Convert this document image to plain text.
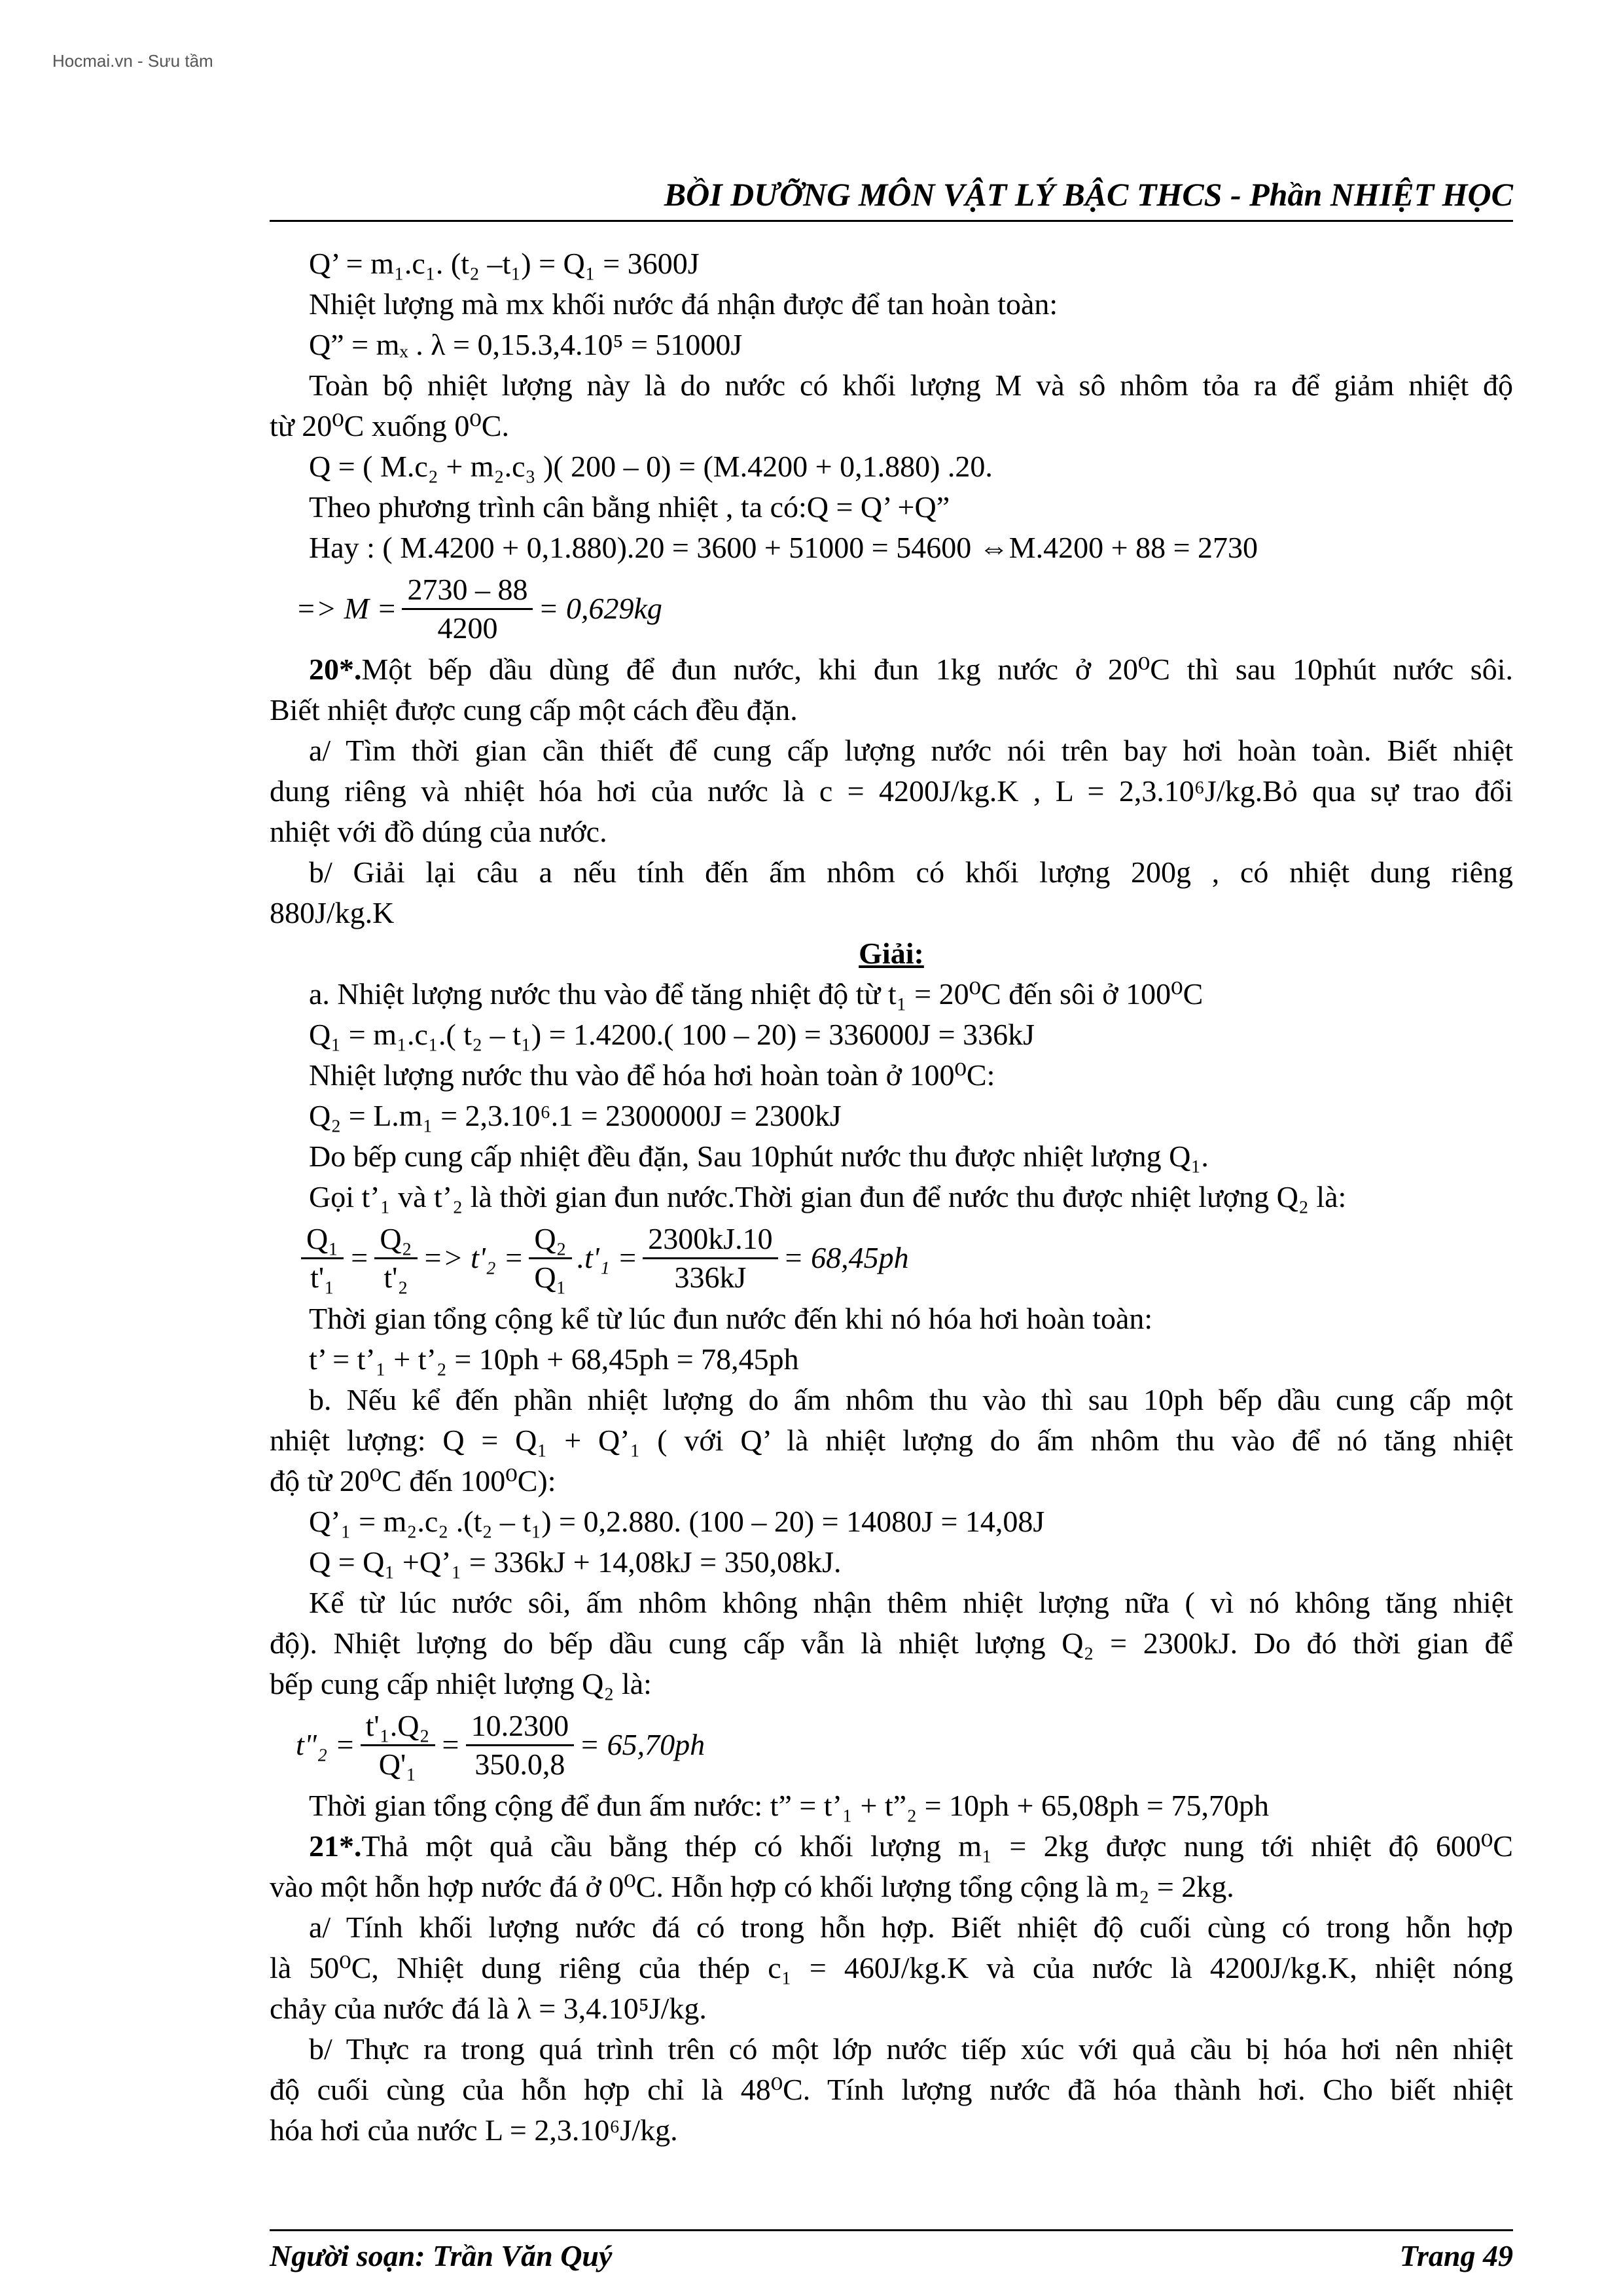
Hocmai.vn - Sưu tầm
BỒI DƯỠNG MÔN VẬT LÝ BẬC THCS - Phần NHIỆT HỌC
Q’ = m₁.c₁. (t₂ –t₁) = Q₁ = 3600J
Nhiệt lượng mà mx khối nước đá nhận được để tan hoàn toàn:
Q” = mₓ . λ = 0,15.3,4.10⁵ = 51000J
Toàn bộ nhiệt lượng này là do nước có khối lượng M và sô nhôm tỏa ra để giảm nhiệt độ
từ 20⁰C xuống 0⁰C.
Q = ( M.c₂ + m₂.c₃ )( 200 – 0) = (M.4200 + 0,1.880) .20.
Theo phương trình cân bằng nhiệt , ta có:Q = Q’ +Q”
Hay : ( M.4200 + 0,1.880).20 = 3600 + 51000 = 54600 ⇔M.4200 + 88 = 2730
=> $M = \frac{2730 - 88}{4200} = 0,629kg$
20*.Một bếp dầu dùng để đun nước, khi đun 1kg nước ở 20⁰C thì sau 10phút nước sôi.
Biết nhiệt được cung cấp một cách đều đặn.
a/ Tìm thời gian cần thiết để cung cấp lượng nước nói trên bay hơi hoàn toàn. Biết nhiệt
dung riêng và nhiệt hóa hơi của nước là c = 4200J/kg.K , L = 2,3.10⁶J/kg.Bỏ qua sự trao đổi
nhiệt với đồ dúng của nước.
b/ Giải lại câu a nếu tính đến ấm nhôm có khối lượng 200g , có nhiệt dung riêng
880J/kg.K
Giải:
a. Nhiệt lượng nước thu vào để tăng nhiệt độ từ t₁ = 20⁰C đến sôi ở 100⁰C
Q₁ = m₁.c₁.( t₂ – t₁) = 1.4200.( 100 – 20) = 336000J = 336kJ
Nhiệt lượng nước thu vào để hóa hơi hoàn toàn ở 100⁰C:
Q₂ = L.m₁ = 2,3.10⁶.1 = 2300000J = 2300kJ
Do bếp cung cấp nhiệt đều đặn, Sau 10phút nước thu được nhiệt lượng Q₁.
Gọi t’₁ và t’₂ là thời gian đun nước.Thời gian đun để nước thu được nhiệt lượng Q₂ là:
$\frac{\text{Q₁}}{\text{t'₁}} = \frac{\text{Q₂}}{\text{t'₂}} => t'_2 = \frac{\text{Q₂}}{\text{Q₁}} .t'_1 = \frac{2300kJ.10}{336kJ} = 68,45ph$
Thời gian tổng cộng kể từ lúc đun nước đến khi nó hóa hơi hoàn toàn:
t’ = t’₁ + t’₂ = 10ph + 68,45ph = 78,45ph
b. Nếu kể đến phần nhiệt lượng do ấm nhôm thu vào thì sau 10ph bếp dầu cung cấp một
nhiệt lượng: Q = Q₁ + Q’₁ ( với Q’ là nhiệt lượng do ấm nhôm thu vào để nó tăng nhiệt
độ từ 20⁰C đến 100⁰C):
Q’₁ = m₂.c₂ .(t₂ – t₁) = 0,2.880. (100 – 20) = 14080J = 14,08J
Q = Q₁ +Q’₁ = 336kJ + 14,08kJ = 350,08kJ.
Kể từ lúc nước sôi, ấm nhôm không nhận thêm nhiệt lượng nữa ( vì nó không tăng nhiệt
độ). Nhiệt lượng do bếp dầu cung cấp vẫn là nhiệt lượng Q₂ = 2300kJ. Do đó thời gian để
bếp cung cấp nhiệt lượng Q₂ là:
t"₂ = $\frac{\text{t'₁.Q₂}}{\text{Q'₁}} = \frac{10.2300}{350.0,8} = 65,70ph$
Thời gian tổng cộng để đun ấm nước: t” = t’₁ + t”₂ = 10ph + 65,08ph = 75,70ph
21*.Thả một quả cầu bằng thép có khối lượng m₁ = 2kg được nung tới nhiệt độ 600⁰C
vào một hỗn hợp nước đá ở 0⁰C. Hỗn hợp có khối lượng tổng cộng là m₂ = 2kg.
a/ Tính khối lượng nước đá có trong hỗn hợp. Biết nhiệt độ cuối cùng có trong hỗn hợp
là 50⁰C, Nhiệt dung riêng của thép c₁ = 460J/kg.K và của nước là 4200J/kg.K, nhiệt nóng
chảy của nước đá là λ = 3,4.10⁵J/kg.
b/ Thực ra trong quá trình trên có một lớp nước tiếp xúc với quả cầu bị hóa hơi nên nhiệt
độ cuối cùng của hỗn hợp chỉ là 48⁰C. Tính lượng nước đã hóa thành hơi. Cho biết nhiệt
hóa hơi của nước L = 2,3.10⁶J/kg.
Người soạn: Trần Văn Quý	Trang 49
